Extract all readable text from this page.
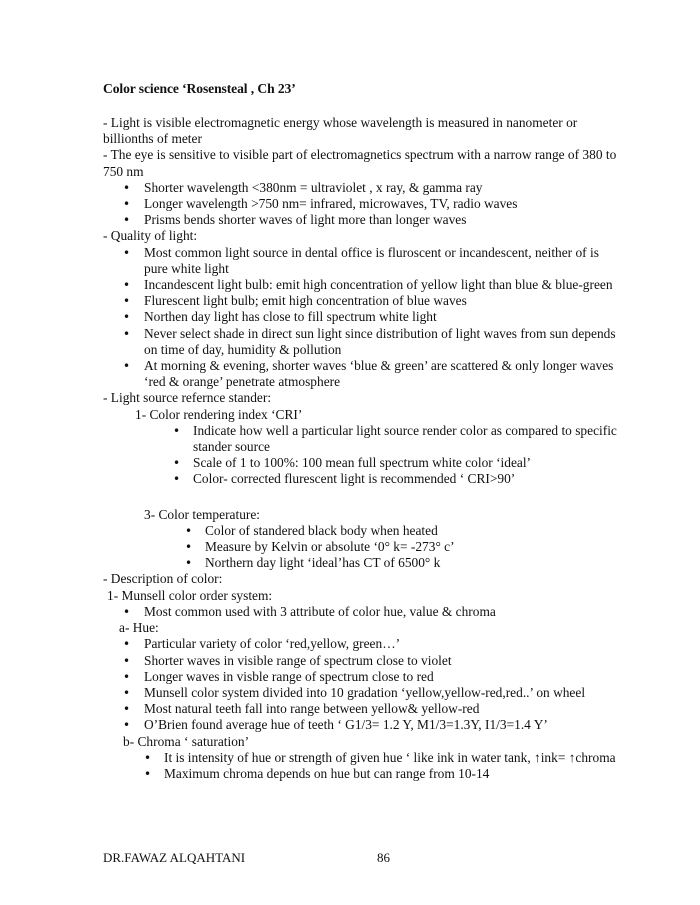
Color science ‘Rosensteal , Ch 23’

- Light is visible electromagnetic energy whose wavelength is measured in nanometer or billionths of meter

- The eye is sensitive to visible part of electromagnetics spectrum with a narrow range of 380 to 750 nm

• Shorter wavelength <380nm = ultraviolet , x ray, & gamma ray
• Longer wavelength >750 nm= infrared, microwaves, TV, radio waves
• Prisms bends shorter waves of light more than longer waves

- Quality of light:

• Most common light source in dental office is fluroscent or incandescent, neither of is pure white light
• Incandescent light bulb: emit high concentration of yellow light than blue & blue-green
• Flurescent light bulb; emit high concentration of blue waves
• Northen day light has close to fill spectrum white light
• Never select shade in direct sun light since distribution of light waves from sun depends on time of day, humidity & pollution
• At morning & evening, shorter waves ‘blue & green’ are scattered & only longer waves ‘red & orange’ penetrate atmosphere

- Light source refernce stander:

1- Color rendering index ‘CRI’

• Indicate how well a particular light source render color as compared to specific stander source
• Scale of 1 to 100%: 100 mean full spectrum white color ‘ideal’
• Color- corrected flurescent light is recommended ‘ CRI>90’

3- Color temperature:

• Color of standered black body when heated
• Measure by Kelvin or absolute ‘0° k= -273° c’
• Northern day light ‘ideal’has CT of 6500° k

- Description of color:

1- Munsell color order system:

• Most common used with 3 attribute of color hue, value & chroma

a- Hue:

• Particular variety of color ‘red,yellow, green…’
• Shorter waves in visible range of spectrum close to violet
• Longer waves in visble range of spectrum close to red
• Munsell color system divided into 10 gradation ‘yellow,yellow-red,red..’ on wheel
• Most natural teeth fall into range between yellow& yellow-red
• O’Brien found average hue of teeth ‘ G1/3= 1.2 Y, M1/3=1.3Y, I1/3=1.4 Y’

b- Chroma ‘ saturation’

• It is intensity of hue or strength of given hue ‘ like ink in water tank, ↑ink= ↑chroma
• Maximum chroma depends on hue but can range from 10-14
DR.FAWAZ ALQAHTANI	86
